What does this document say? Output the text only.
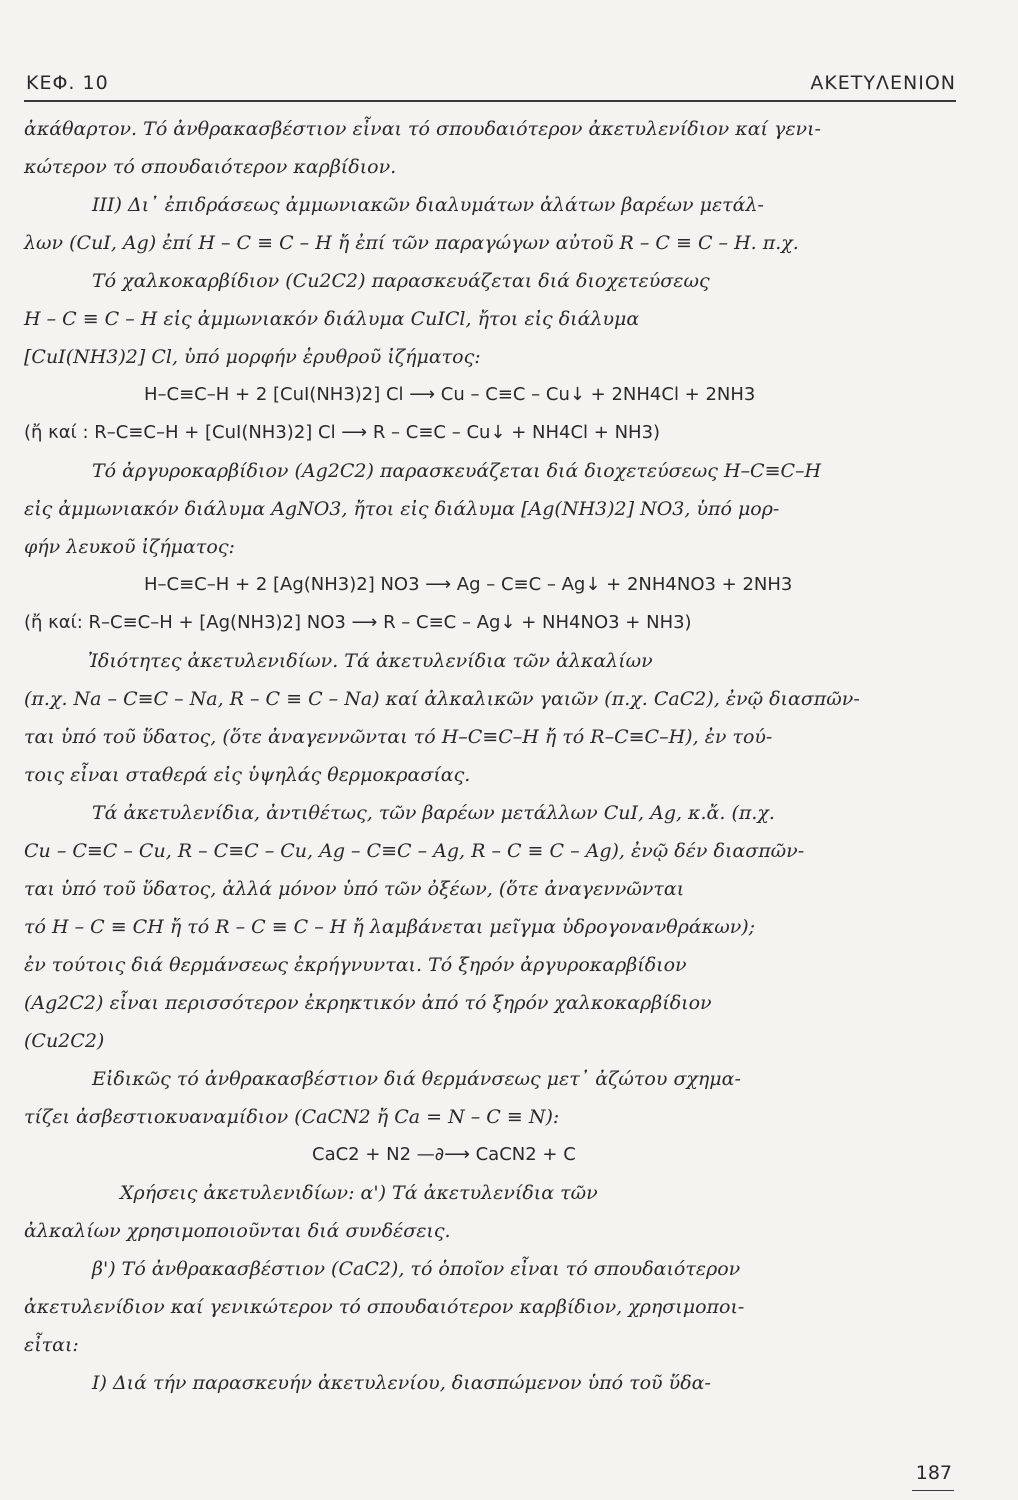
ΚΕΦ. 10	ΑΚΕΤΥΛΕΝΙΟΝ
ἀκάθαρτον. Τό ἀνθρακασβέστιον εἶναι τό σπουδαιότερον ἀκετυλενίδιον καί γενι-
κώτερον τό σπουδαιότερον καρβίδιον.
III) Δι᾿ ἐπιδράσεως ἀμμωνιακῶν διαλυμάτων ἁλάτων βαρέων μετάλ-
λων (CuI, Ag) ἐπί H – C ≡ C – H ἤ ἐπί τῶν παραγώγων αὐτοῦ R – C ≡ C – H. π.χ.
Τό χαλκοκαρβίδιον (Cu2C2) παρασκευάζεται διά διοχετεύσεως
H – C ≡ C – H εἰς ἀμμωνιακόν διάλυμα CuICl, ἤτοι εἰς διάλυμα
[CuI(NH3)2] Cl, ὑπό μορφήν ἐρυθροῦ ἰζήματος:
H–C≡C–H + 2 [CuI(NH3)2] Cl ⟶ Cu – C≡C – Cu↓ + 2NH4Cl + 2NH3
(ἤ καί : R–C≡C–H + [CuI(NH3)2] Cl ⟶ R – C≡C – Cu↓ + NH4Cl + NH3)
Τό ἀργυροκαρβίδιον (Ag2C2) παρασκευάζεται διά διοχετεύσεως H–C≡C–H
εἰς ἀμμωνιακόν διάλυμα AgNO3, ἤτοι εἰς διάλυμα [Ag(NH3)2] NO3, ὑπό μορ-
φήν λευκοῦ ἰζήματος:
H–C≡C–H + 2 [Ag(NH3)2] NO3 ⟶ Ag – C≡C – Ag↓ + 2NH4NO3 + 2NH3
(ἤ καί: R–C≡C–H + [Ag(NH3)2] NO3 ⟶ R – C≡C – Ag↓ + NH4NO3 + NH3)
Ἰδιότητες ἀκετυλενιδίων. Τά ἀκετυλενίδια τῶν ἀλκαλίων
(π.χ. Na – C≡C – Na, R – C ≡ C – Na) καί ἀλκαλικῶν γαιῶν (π.χ. CaC2), ἐνῷ διασπῶν-
ται ὑπό τοῦ ὕδατος, (ὅτε ἀναγεννῶνται τό H–C≡C–H ἤ τό R–C≡C–H), ἐν τού-
τοις εἶναι σταθερά εἰς ὑψηλάς θερμοκρασίας.
Τά ἀκετυλενίδια, ἀντιθέτως, τῶν βαρέων μετάλλων CuI, Ag, κ.ἄ. (π.χ.
Cu – C≡C – Cu, R – C≡C – Cu, Ag – C≡C – Ag, R – C ≡ C – Ag), ἐνῷ δέν διασπῶν-
ται ὑπό τοῦ ὕδατος, ἀλλά μόνον ὑπό τῶν ὀξέων, (ὅτε ἀναγεννῶνται
τό H – C ≡ CH ἤ τό R – C ≡ C – H ἤ λαμβάνεται μεῖγμα ὑδρογονανθράκων);
ἐν τούτοις διά θερμάνσεως ἐκρήγνυνται. Τό ξηρόν ἀργυροκαρβίδιον
(Ag2C2) εἶναι περισσότερον ἐκρηκτικόν ἀπό τό ξηρόν χαλκοκαρβίδιον
(Cu2C2)
Εἰδικῶς τό ἀνθρακασβέστιον διά θερμάνσεως μετ᾿ ἀζώτου σχημα-
τίζει ἀσβεστιοκυαναμίδιον (CaCN2 ἤ Ca = N – C ≡ N):
CaC2 + N2 —∂⟶ CaCN2 + C
Χρήσεις ἀκετυλενιδίων: α') Τά ἀκετυλενίδια τῶν
ἀλκαλίων χρησιμοποιοῦνται διά συνδέσεις.
β') Τό ἀνθρακασβέστιον (CaC2), τό ὁποῖον εἶναι τό σπουδαιότερον
ἀκετυλενίδιον καί γενικώτερον τό σπουδαιότερον καρβίδιον, χρησιμοποι-
εἶται:
I) Διά τήν παρασκευήν ἀκετυλενίου, διασπώμενον ὑπό τοῦ ὕδα-
187
